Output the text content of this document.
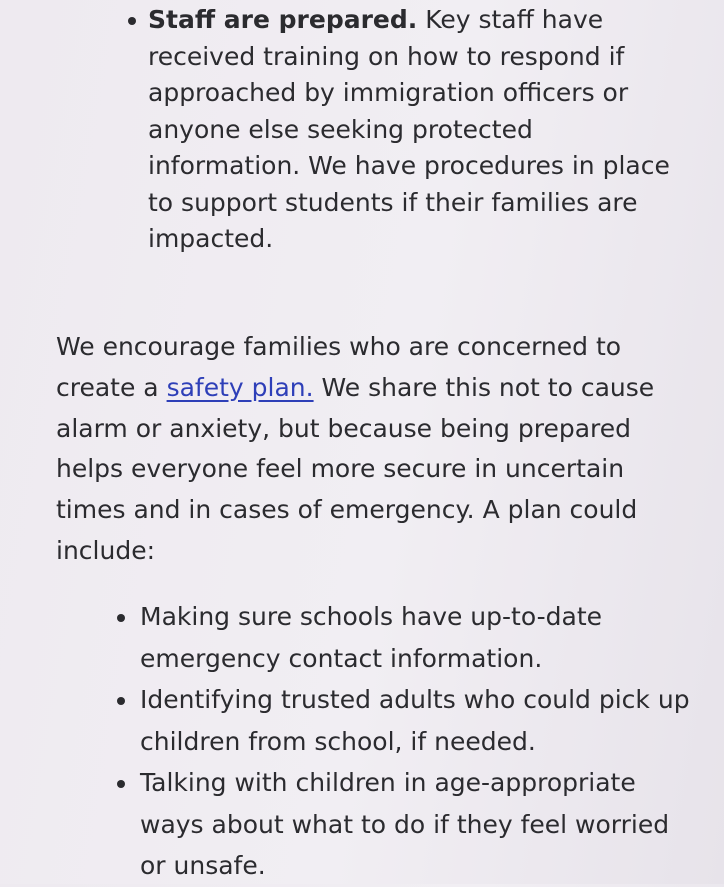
Staff are prepared. Key staff have received training on how to respond if approached by immigration officers or anyone else seeking protected information. We have procedures in place to support students if their families are impacted.

We encourage families who are concerned to create a safety plan. We share this not to cause alarm or anxiety, but because being prepared helps everyone feel more secure in uncertain times and in cases of emergency. A plan could include:

Making sure schools have up-to-date emergency contact information.
Identifying trusted adults who could pick up children from school, if needed.
Talking with children in age-appropriate ways about what to do if they feel worried or unsafe.
